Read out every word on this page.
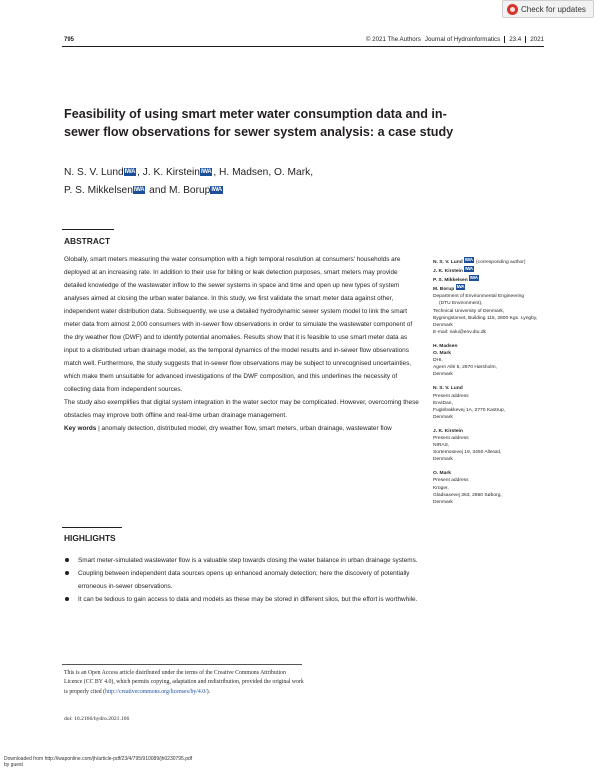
Check for updates
795	© 2021 The Authors Journal of Hydroinformatics 23.4 2021
Feasibility of using smart meter water consumption data and in-sewer flow observations for sewer system analysis: a case study
N. S. V. LundIWA , J. K. KirsteinIWA , H. Madsen, O. Mark,
P. S. MikkelsenIWA and M. BorupIWA
ABSTRACT

Globally, smart meters measuring the water consumption with a high temporal resolution at consumers' households are deployed at an increasing rate. In addition to their use for billing or leak detection purposes, smart meters may provide detailed knowledge of the wastewater inflow to the sewer systems in space and time and open up new types of system analyses aimed at closing the urban water balance. In this study, we first validate the smart meter data against other, independent water distribution data. Subsequently, we use a detailed hydrodynamic sewer system model to link the smart meter data from almost 2,000 consumers with in-sewer flow observations in order to simulate the wastewater component of the dry weather flow (DWF) and to identify potential anomalies. Results show that it is feasible to use smart meter data as input to a distributed urban drainage model, as the temporal dynamics of the model results and in-sewer flow observations match well. Furthermore, the study suggests that in-sewer flow observations may be subject to unrecognised uncertainties, which make them unsuitable for advanced investigations of the DWF composition, and this underlines the necessity of collecting data from independent sources.

The study also exemplifies that digital system integration in the water sector may be complicated. However, overcoming these obstacles may improve both offline and real-time urban drainage management.

Key words | anomaly detection, distributed model, dry weather flow, smart meters, urban drainage, wastewater flow
N. S. V. Lund IWA (corresponding author)
J. K. Kirstein IWA
P. S. Mikkelsen IWA
M. Borup IWA
Department of Environmental Engineering
(DTU Environment),
Technical University of Denmark,
Bygningstorvet, Building 115, 2800 Kgs. Lyngby,
Denmark
E-mail: nalu@env.dtu.dk
H. Madsen
O. Mark
DHI,
Agern Allé 5, 2970 Hørsholm,
Denmark
N. S. V. Lund
Present address
EnviDan,
Fuglebakkevej 1A, 2770 Kastrup,
Denmark
J. K. Kirstein
Present address
NIRAS,
Sortemosevej 19, 3450 Allerød,
Denmark
O. Mark
Present address
Krüger,
Gladsaxevej 363, 2860 Søborg,
Denmark
HIGHLIGHTS
Smart meter-simulated wastewater flow is a valuable step towards closing the water balance in urban drainage systems.
Coupling between independent data sources opens up enhanced anomaly detection; here the discovery of potentially erroneous in-sewer observations.
It can be tedious to gain access to data and models as these may be stored in different silos, but the effort is worthwhile.
This is an Open Access article distributed under the terms of the Creative Commons Attribution Licence (CC BY 4.0), which permits copying, adaptation and redistribution, provided the original work is properly cited (http://creativecommons.org/licenses/by/4.0/).
doi: 10.2166/hydro.2021.166
Downloaded from http://iwaponline.com/jh/article-pdf/23/4/795/910089/jh0230795.pdf
by guest
